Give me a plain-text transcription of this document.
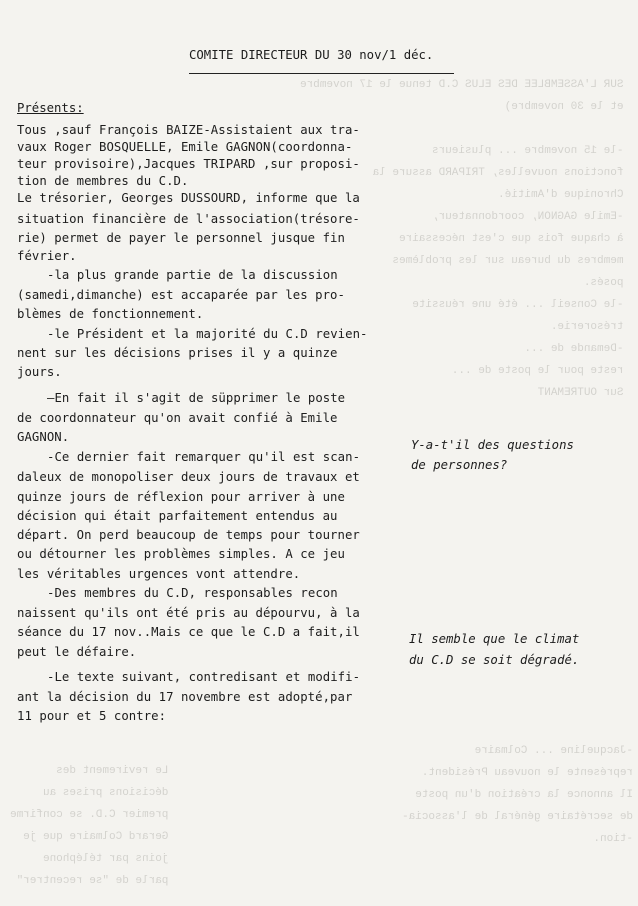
SUR L'ASSEMBLEE DES ELUS C.D tenue le 17 novembre
et le 30 novembre)

-le 15 novembre ... plusieurs
fonctions nouvelles, TRIPARD assure la
Chronique d'Amitié.
-Emile GAGNON, coordonnateur,
à chaque fois que c'est nécessaire
membres du bureau sur les problèmes
posés.
-le Conseil ... été une réussite
trésorerie.
-Demande de ...
reste pour le poste de ...
Sur OUTREMANT
Le revirement des
décisions prises au
premier C.D. se confirme
Gerard Colmaire que je
joins par téléphone
parle de "se recentrer"
-Jacqueline ... Colmaire
représente le nouveau Président.
Il annonce la création d'un poste
de secrétaire général de l'associa-
-tion.
COMITE DIRECTEUR DU 30 nov/1 déc.
Présents:
Tous ,sauf François BAIZE-Assistaient aux tra-
vaux Roger BOSQUELLE, Emile GAGNON(coordonna-
teur provisoire),Jacques TRIPARD ,sur proposi-
tion de membres du C.D.
Le trésorier, Georges DUSSOURD, informe que la
situation financière de l'association(trésore-
rie) permet de payer le personnel jusque fin
février.
-la plus grande partie de la discussion
(samedi,dimanche) est accaparée par les pro-
blèmes de fonctionnement.
-le Président et la majorité du C.D revien-
nent sur les décisions prises il y a quinze
jours.
—En fait il s'agit de süpprimer le poste
de coordonnateur qu'on avait confié à Emile
GAGNON.
-Ce dernier fait remarquer qu'il est scan-
daleux de monopoliser deux jours de travaux et
quinze jours de réflexion pour arriver à une
décision qui était parfaitement entendus au
départ. On perd beaucoup de temps pour tourner
ou détourner les problèmes simples. A ce jeu
les véritables urgences vont attendre.
-Des membres du C.D, responsables recon
naissent qu'ils ont été pris au dépourvu, à la
séance du 17 nov..Mais ce que le C.D a fait,il
peut le défaire.
-Le texte suivant, contredisant et modifi-
ant la décision du 17 novembre est adopté,par
11 pour et 5 contre:
Y-a-t'il des questions
de personnes?
Il semble que le climat
du C.D se soit dégradé.
